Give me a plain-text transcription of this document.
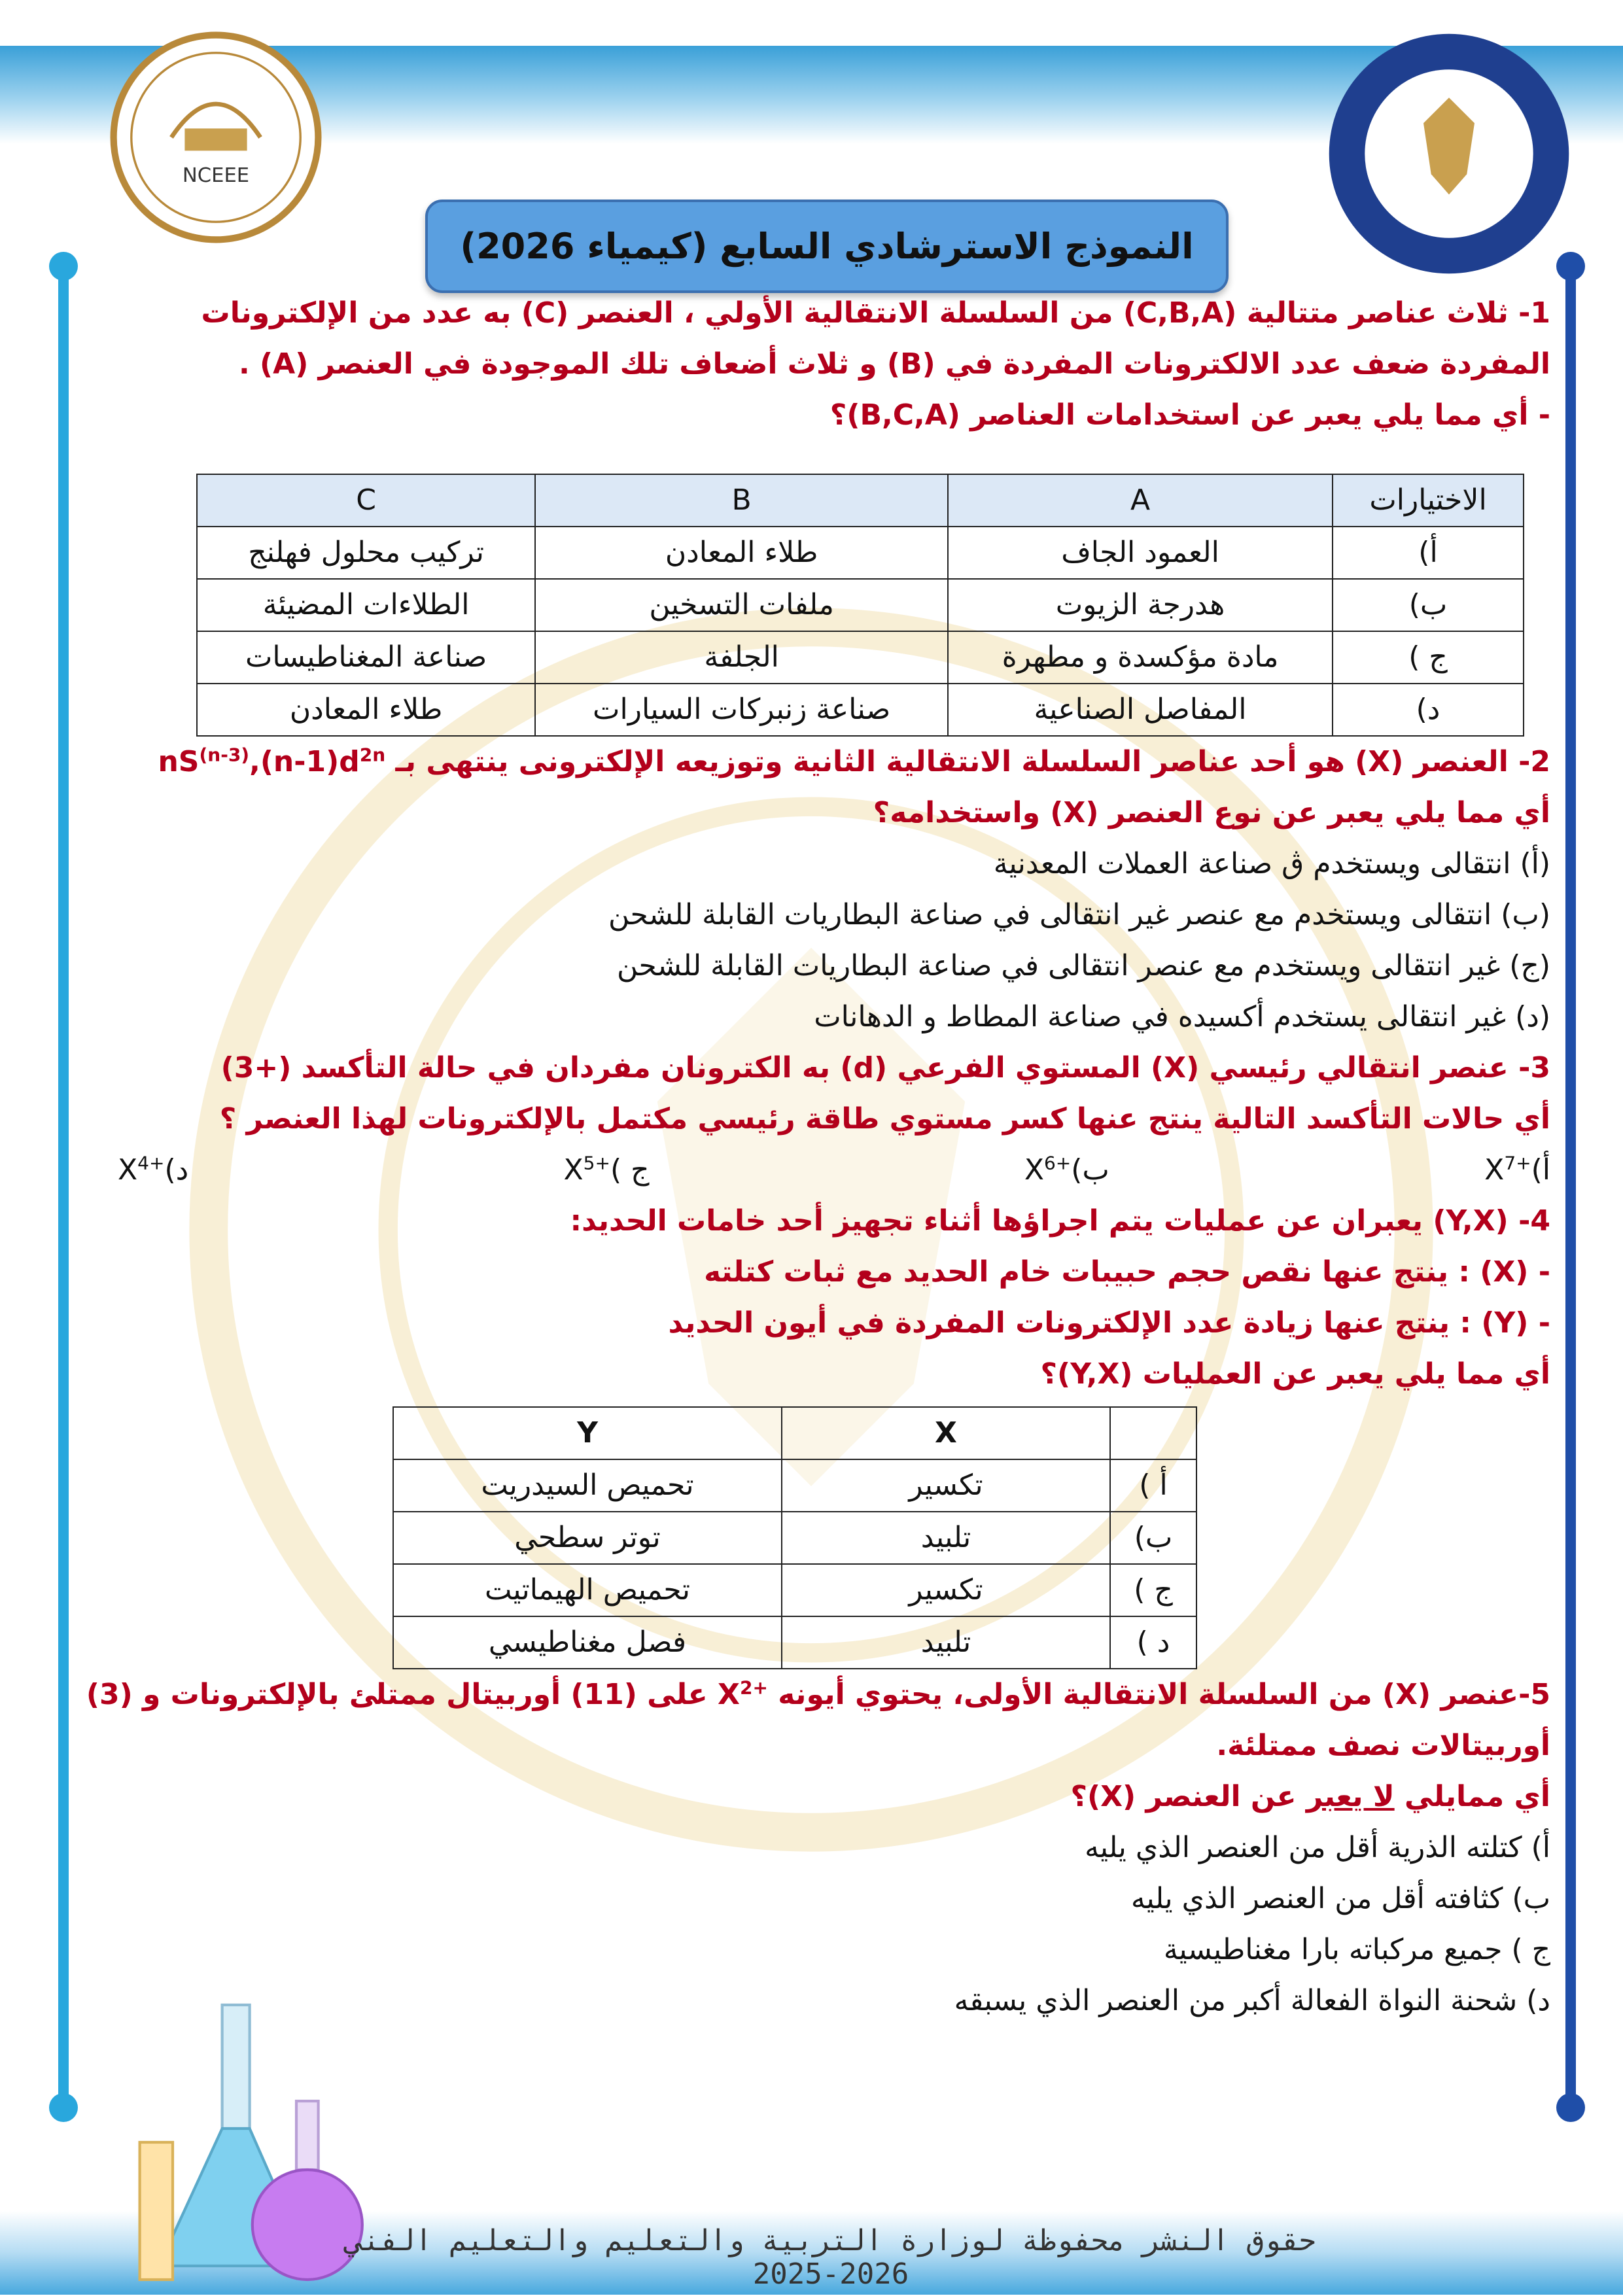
NCEEE
النموذج الاسترشادي السابع (كيمياء 2026)
1- ثلاث عناصر متتالية (C,B,A) من السلسلة الانتقالية الأولي ، العنصر (C) به عدد من الإلكترونات
المفردة ضعف عدد الالكترونات المفردة في (B) و ثلاث أضعاف تلك الموجودة في العنصر (A) .
- أي مما يلي يعبر عن استخدامات العناصر (B,C,A)؟
الاختيارات	A	B	C
أ)	العمود الجاف	طلاء المعادن	تركيب محلول فهلنج
ب)	هدرجة الزيوت	ملفات التسخين	الطلاءات المضيئة
ج )	مادة مؤكسدة و مطهرة	الجلفة	صناعة المغناطيسات
د)	المفاصل الصناعية	صناعة زنبركات السيارات	طلاء المعادن
2- العنصر (X) هو أحد عناصر السلسلة الانتقالية الثانية وتوزيعه الإلكترونى ينتهى بـ $nS^{(n-3)},(n-1)d^{2n}$
أي مما يلي يعبر عن نوع العنصر (X) واستخدامه؟
(أ) انتقالى ويستخدم ڨ صناعة العملات المعدنية
(ب) انتقالى ويستخدم مع عنصر غير انتقالى في صناعة البطاريات القابلة للشحن
(ج) غير انتقالى ويستخدم مع عنصر انتقالى في صناعة البطاريات القابلة للشحن
(د) غير انتقالى يستخدم أكسيده في صناعة المطاط و الدهانات
3- عنصر انتقالي رئيسي (X) المستوي الفرعي (d) به الكترونان مفردان في حالة التأكسد (+3)
أي حالات التأكسد التالية ينتج عنها كسر مستوي طاقة رئيسي مكتمل بالإلكترونات لهذا العنصر ؟
$أ)X^{7+}$
$ب)X^{6+}$
ج )$X^{5+}$
$د)X^{4+}$
4- (Y,X) يعبران عن عمليات يتم اجراؤها أثناء تجهيز أحد خامات الحديد:
- (X) : ينتج عنها نقص حجم حبيبات خام الحديد مع ثبات كتلته
- (Y) : ينتج عنها زيادة عدد الإلكترونات المفردة في أيون الحديد
أي مما يلي يعبر عن العمليات (Y,X)؟
	X	Y
أ )	تكسير	تحميص السيدريت
ب)	تلبيد	توتر سطحي
ج )	تكسير	تحميص الهيماتيت
د )	تلبيد	فصل مغناطيسي
5-عنصر (X) من السلسلة الانتقالية الأولى، يحتوي أيونه $X^{2+}$ على (11) أوربيتال ممتلئ بالإلكترونات و (3)
أوربيتالات نصف ممتلئة.
أي ممايلي لا يعبر عن العنصر (X)؟
أ) كتلته الذرية أقل من العنصر الذي يليه
ب) كثافته أقل من العنصر الذي يليه
ج ) جميع مركباته بارا مغناطيسية
د) شحنة النواة الفعالة أكبر من العنصر الذي يسبقه
حقوق النشر محفوظة لوزارة التربية والتعليم والتعليم الفني 2026-2025
